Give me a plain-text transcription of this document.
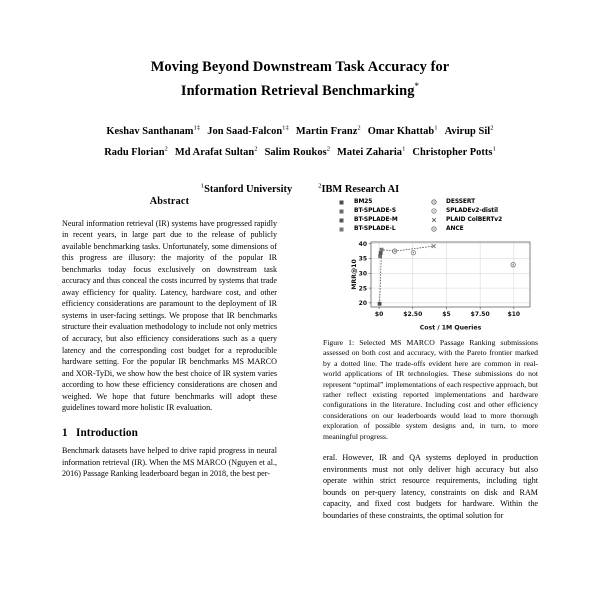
Moving Beyond Downstream Task Accuracy for
Information Retrieval Benchmarking*
Keshav Santhanam$^{1\ddagger}$ Jon Saad-Falcon$^{1\ddagger}$ Martin Franz$^2$ Omar Khattab$^1$ Avirup Sil$^2$
Radu Florian$^2$ Md Arafat Sultan$^2$ Salim Roukos$^2$ Matei Zaharia$^1$ Christopher Potts$^1$
$^1$Stanford University	$^2$IBM Research AI
Abstract

Neural information retrieval (IR) systems have progressed rapidly in recent years, in large part due to the release of publicly available benchmarking tasks. Unfortunately, some dimensions of this progress are illusory: the majority of the popular IR benchmarks today focus exclusively on downstream task accuracy and thus conceal the costs incurred by systems that trade away efficiency for quality. Latency, hardware cost, and other efficiency considerations are paramount to the deployment of IR systems in user-facing settings. We propose that IR benchmarks structure their evaluation methodology to include not only metrics of accuracy, but also efficiency considerations such as a query latency and the corresponding cost budget for a reproducible hardware setting. For the popular IR benchmarks MS MARCO and XOR-TyDi, we show how the best choice of IR system varies according to how these efficiency considerations are chosen and weighed. We hope that future benchmarks will adopt these guidelines toward more holistic IR evaluation.

1 Introduction

Benchmark datasets have helped to drive rapid progress in neural information retrieval (IR). When the MS MARCO (Nguyen et al., 2016) Passage Ranking leaderboard began in 2018, the best per-

BM25	DESSERT
BT-SPLADE-S	SPLADEv2-distil
BT-SPLADE-M	PLAID ColBERTv2
BT-SPLADE-L	ANCE
$0	$2.50	$5	$7.50	$10
20
25
30
35
40
Cost / 1M Queries
MRR@10
Figure 1: Selected MS MARCO Passage Ranking submissions assessed on both cost and accuracy, with the Pareto frontier marked by a dotted line. The trade-offs evident here are common in real-world applications of IR technologies. These submissions do not represent “optimal” implementations of each respective approach, but rather reflect existing reported implementations and hardware configurations in the literature. Including cost and other efficiency considerations on our leaderboards would lead to more thorough exploration of possible system designs and, in turn, to more meaningful progress.

eral. However, IR and QA systems deployed in production environments must not only deliver high accuracy but also operate within strict resource requirements, including tight bounds on per-query latency, constraints on disk and RAM capacity, and fixed cost budgets for hardware. Within the boundaries of these constraints, the optimal solution for
